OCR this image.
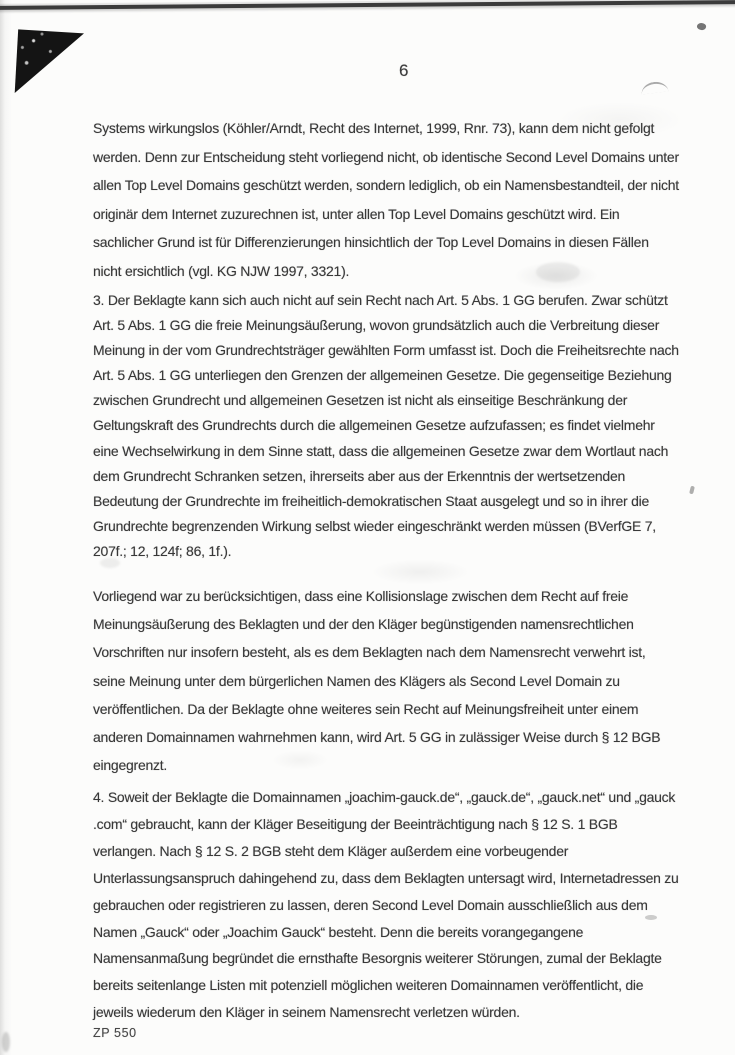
6
Systems wirkungslos (Köhler/Arndt, Recht des Internet, 1999, Rnr. 73), kann dem nicht gefolgt
werden. Denn zur Entscheidung steht vorliegend nicht, ob identische Second Level Domains unter
allen Top Level Domains geschützt werden, sondern lediglich, ob ein Namensbestandteil, der nicht
originär dem Internet zuzurechnen ist, unter allen Top Level Domains geschützt wird. Ein
sachlicher Grund ist für Differenzierungen hinsichtlich der Top Level Domains in diesen Fällen
nicht ersichtlich (vgl. KG NJW 1997, 3321).
3. Der Beklagte kann sich auch nicht auf sein Recht nach Art. 5 Abs. 1 GG berufen. Zwar schützt
Art. 5 Abs. 1 GG die freie Meinungsäußerung, wovon grundsätzlich auch die Verbreitung dieser
Meinung in der vom Grundrechtsträger gewählten Form umfasst ist. Doch die Freiheitsrechte nach
Art. 5 Abs. 1 GG unterliegen den Grenzen der allgemeinen Gesetze. Die gegenseitige Beziehung
zwischen Grundrecht und allgemeinen Gesetzen ist nicht als einseitige Beschränkung der
Geltungskraft des Grundrechts durch die allgemeinen Gesetze aufzufassen; es findet vielmehr
eine Wechselwirkung in dem Sinne statt, dass die allgemeinen Gesetze zwar dem Wortlaut nach
dem Grundrecht Schranken setzen, ihrerseits aber aus der Erkenntnis der wertsetzenden
Bedeutung der Grundrechte im freiheitlich-demokratischen Staat ausgelegt und so in ihrer die
Grundrechte begrenzenden Wirkung selbst wieder eingeschränkt werden müssen (BVerfGE 7,
207f.; 12, 124f; 86, 1f.).
Vorliegend war zu berücksichtigen, dass eine Kollisionslage zwischen dem Recht auf freie
Meinungsäußerung des Beklagten und der den Kläger begünstigenden namensrechtlichen
Vorschriften nur insofern besteht, als es dem Beklagten nach dem Namensrecht verwehrt ist,
seine Meinung unter dem bürgerlichen Namen des Klägers als Second Level Domain zu
veröffentlichen. Da der Beklagte ohne weiteres sein Recht auf Meinungsfreiheit unter einem
anderen Domainnamen wahrnehmen kann, wird Art. 5 GG in zulässiger Weise durch § 12 BGB
eingegrenzt.
4. Soweit der Beklagte die Domainnamen „joachim-gauck.de“, „gauck.de“, „gauck.net“ und „gauck
.com“ gebraucht, kann der Kläger Beseitigung der Beeinträchtigung nach § 12 S. 1 BGB
verlangen. Nach § 12 S. 2 BGB steht dem Kläger außerdem eine vorbeugender
Unterlassungsanspruch dahingehend zu, dass dem Beklagten untersagt wird, Internetadressen zu
gebrauchen oder registrieren zu lassen, deren Second Level Domain ausschließlich aus dem
Namen „Gauck“ oder „Joachim Gauck“ besteht. Denn die bereits vorangegangene
Namensanmaßung begründet die ernsthafte Besorgnis weiterer Störungen, zumal der Beklagte
bereits seitenlange Listen mit potenziell möglichen weiteren Domainnamen veröffentlicht, die
jeweils wiederum den Kläger in seinem Namensrecht verletzen würden.
ZP 550
